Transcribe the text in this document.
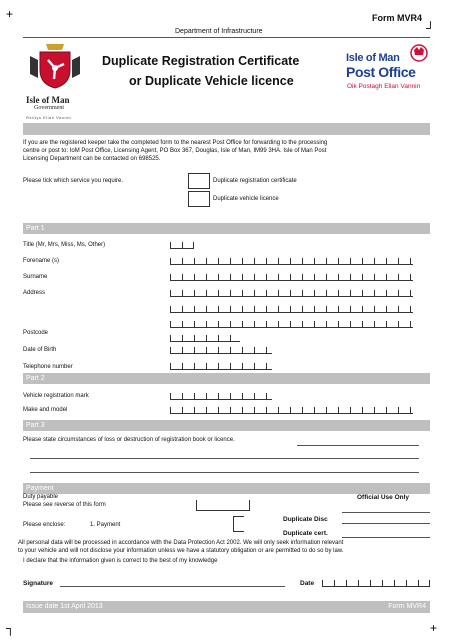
+
┘
┐	+
Department of Infrastructure
Form MVR4
Isle of Man
Government
Reiltys Ellan Vannin
Duplicate Registration Certificate
or Duplicate Vehicle licence
Isle of Man
Post Office
Oik Postagh Ellan Vannin
If you are the registered keeper take the completed form to the nearest Post Office for forwarding to the processing
centre or post to: IoM Post Office, Licensing Agent, PO Box 367, Douglas, Isle of Man, IM99 3HA. Isle of Man Post
Licensing Department can be contacted on 698525.
Please tick which service you require.	Duplicate registration certificate
Duplicate vehicle licence
Part 1
Title (Mr, Mrs, Miss, Ms, Other)
Forename (s)
Surname
Address
Postcode
Date of Birth
Telephone number
Part 2
Vehicle registration mark
Make and model
Part 3
Please state circumstances of loss or destruction of registration book or licence.
Payment
Duty payable
Please see reverse of this form
Official Use Only
Please enclose:	1. Payment
Duplicate Disc
Duplicate cert.
All personal data will be processed in accordance with the Data Protection Act 2002. We will only seek information relevant
to your vehicle and will not disclose your information unless we have a statutory obligation or are permitted to do so by law.
I declare that the information given is correct to the best of my knowledge
Signature	Date
Issue date 1st April 2013	Form MVR4
